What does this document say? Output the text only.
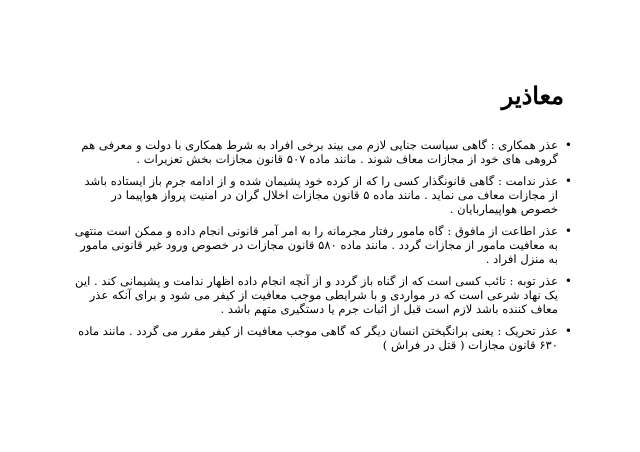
معاذیر
•
عذر همکاری : گاهی سیاست جنایی لازم می بیند برخی افراد به شرط همکاری با دولت و معرفی هم گروهی های خود از مجازات معاف شوند . مانند ماده ۵۰۷ قانون مجازات بخش تعزیرات .
•
عذر ندامت : گاهی قانونگذار کسی را که از کرده خود پشیمان شده و از ادامه جرم باز ایستاده باشد از مجازات معاف می نماید . مانند ماده ۵ قانون مجازات اخلال گران در امنیت پرواز هواپیما در خصوص هواپیماربایان .
•
عذر اطاعت از مافوق : گاه مامور رفتار مجرمانه را به امر آمر قانونی انجام داده و ممکن است منتهی به معافیت مامور از مجازات گردد . مانند ماده ۵۸۰ قانون مجازات در خصوص ورود غیر قانونی مامور به منزل افراد .
•
عذر توبه : تائب کسی است که از گناه باز گردد و از آنچه انجام داده اظهار ندامت و پشیمانی کند . این یک نهاد شرعی است که در مواردی و با شرایطی موجب معافیت از کیفر می شود و برای آنکه عذر معاف کننده باشد لازم است قبل از اثبات جرم یا دستگیری متهم باشد .
•
عذر تحریک : یعنی برانگیختن انسان دیگر که گاهی موجب معافیت از کیفر مقرر می گردد . مانند ماده ۶۳۰ قانون مجازات ( قتل در فراش )
